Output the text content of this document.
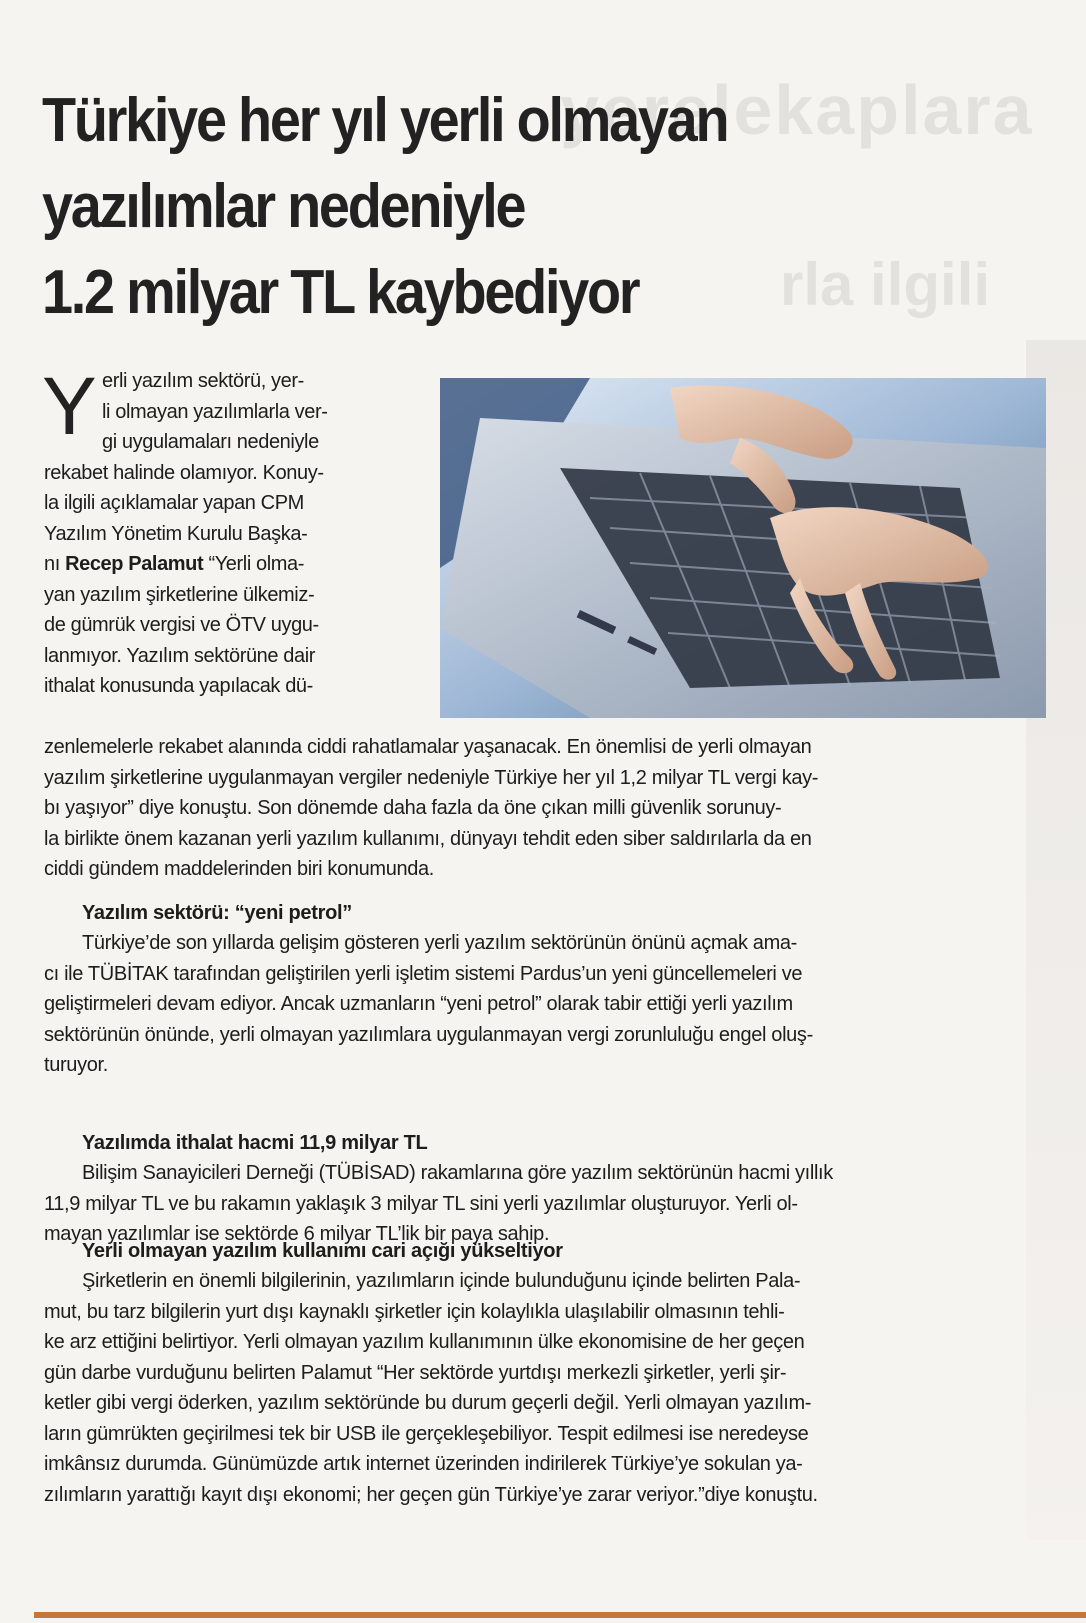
yerelekaplara
rla ilgili
Türkiye her yıl yerli olmayan
yazılımlar nedeniyle
1.2 milyar TL kaybediyor
Y erli yazılım sektörü, yer-
li olmayan yazılımlarla ver-
gi uygulamaları nedeniyle
rekabet halinde olamıyor. Konuy-
la ilgili açıklamalar yapan CPM
Yazılım Yönetim Kurulu Başka-
nı Recep Palamut “Yerli olma-
yan yazılım şirketlerine ülkemiz-
de gümrük vergisi ve ÖTV uygu-
lanmıyor. Yazılım sektörüne dair
ithalat konusunda yapılacak dü-
zenlemelerle rekabet alanında ciddi rahatlamalar yaşanacak. En önemlisi de yerli olmayan
yazılım şirketlerine uygulanmayan vergiler nedeniyle Türkiye her yıl 1,2 milyar TL vergi kay-
bı yaşıyor” diye konuştu. Son dönemde daha fazla da öne çıkan milli güvenlik sorunuy-
la birlikte önem kazanan yerli yazılım kullanımı, dünyayı tehdit eden siber saldırılarla da en
ciddi gündem maddelerinden biri konumunda.
Yazılım sektörü: “yeni petrol”
Türkiye’de son yıllarda gelişim gösteren yerli yazılım sektörünün önünü açmak ama-
cı ile TÜBİTAK tarafından geliştirilen yerli işletim sistemi Pardus’un yeni güncellemeleri ve
geliştirmeleri devam ediyor. Ancak uzmanların “yeni petrol” olarak tabir ettiği yerli yazılım
sektörünün önünde, yerli olmayan yazılımlara uygulanmayan vergi zorunluluğu engel oluş-
turuyor.
Yazılımda ithalat hacmi 11,9 milyar TL
Bilişim Sanayicileri Derneği (TÜBİSAD) rakamlarına göre yazılım sektörünün hacmi yıllık
11,9 milyar TL ve bu rakamın yaklaşık 3 milyar TL sini yerli yazılımlar oluşturuyor. Yerli ol-
mayan yazılımlar ise sektörde 6 milyar TL’lik bir paya sahip.
Yerli olmayan yazılım kullanımı cari açığı yükseltiyor
Şirketlerin en önemli bilgilerinin, yazılımların içinde bulunduğunu içinde belirten Pala-
mut, bu tarz bilgilerin yurt dışı kaynaklı şirketler için kolaylıkla ulaşılabilir olmasının tehli-
ke arz ettiğini belirtiyor. Yerli olmayan yazılım kullanımının ülke ekonomisine de her geçen
gün darbe vurduğunu belirten Palamut “Her sektörde yurtdışı merkezli şirketler, yerli şir-
ketler gibi vergi öderken, yazılım sektöründe bu durum geçerli değil. Yerli olmayan yazılım-
ların gümrükten geçirilmesi tek bir USB ile gerçekleşebiliyor. Tespit edilmesi ise neredeyse
imkânsız durumda. Günümüzde artık internet üzerinden indirilerek Türkiye’ye sokulan ya-
zılımların yarattığı kayıt dışı ekonomi; her geçen gün Türkiye’ye zarar veriyor.”diye konuştu.
